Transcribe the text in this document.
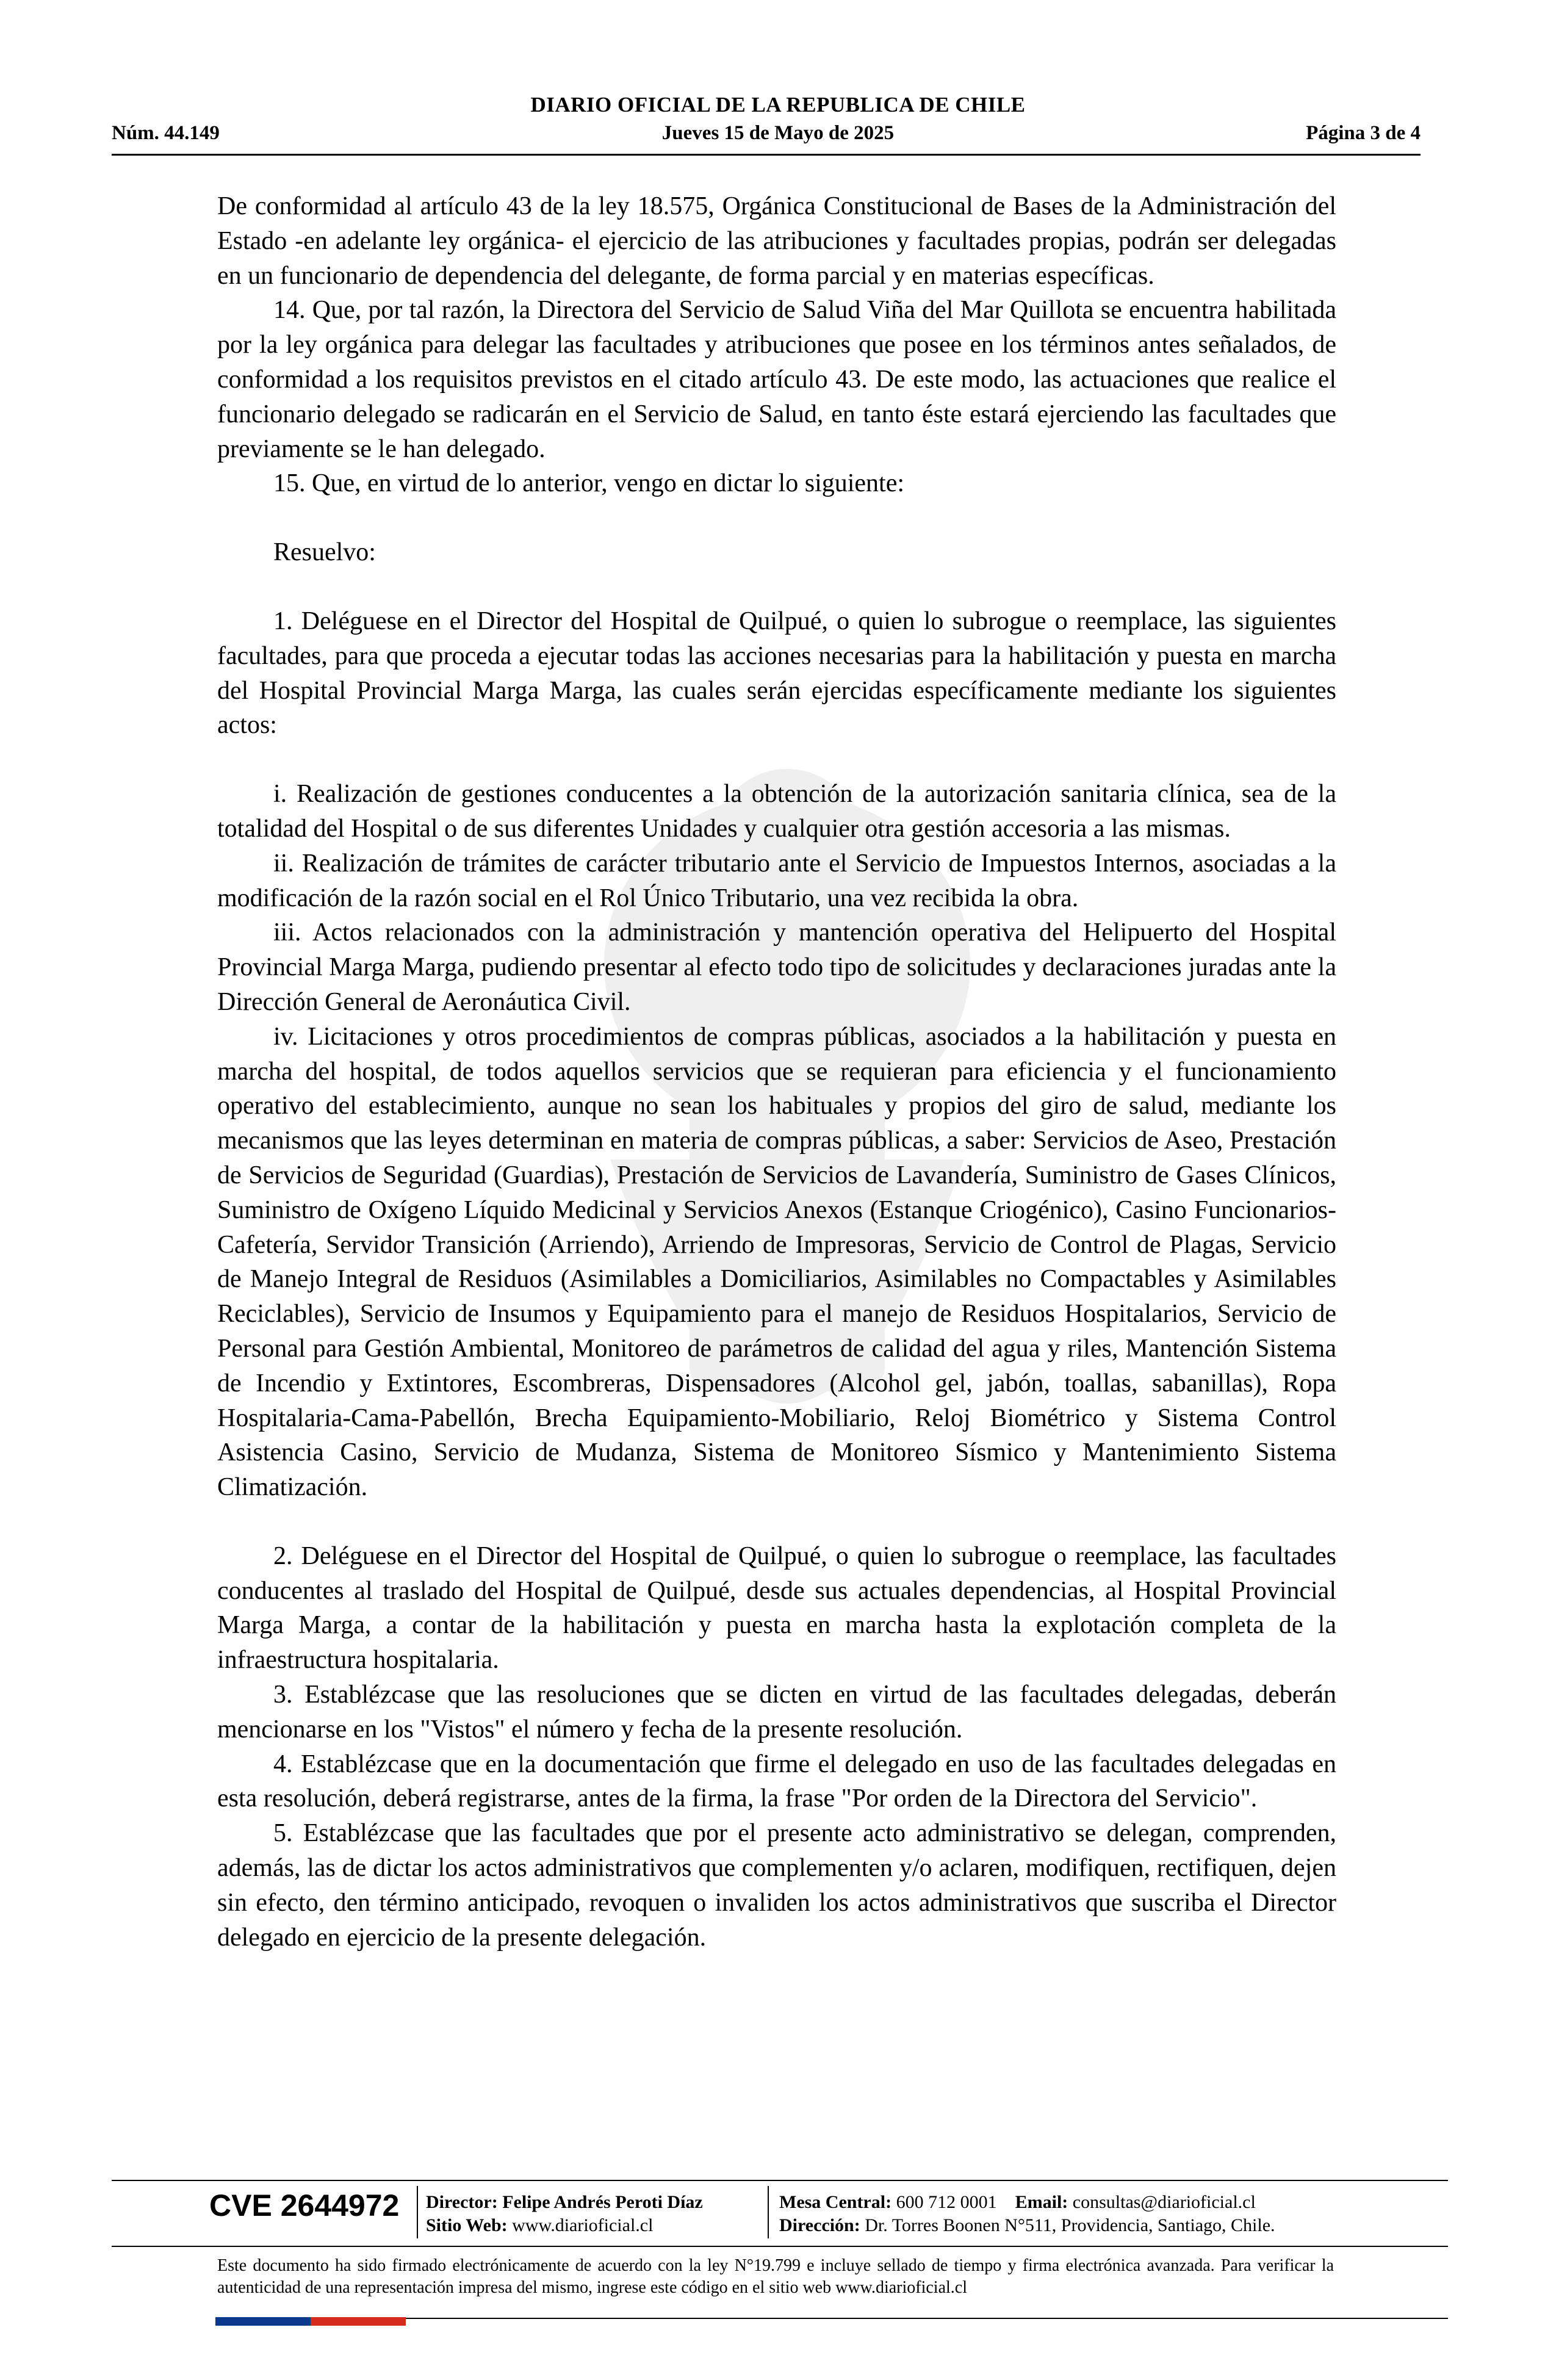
DIARIO OFICIAL DE LA REPUBLICA DE CHILE
Núm. 44.149	Jueves 15 de Mayo de 2025	Página 3 de 4

De conformidad al artículo 43 de la ley 18.575, Orgánica Constitucional de Bases de la Administración del Estado -en adelante ley orgánica- el ejercicio de las atribuciones y facultades propias, podrán ser delegadas en un funcionario de dependencia del delegante, de forma parcial y en materias específicas.

14. Que, por tal razón, la Directora del Servicio de Salud Viña del Mar Quillota se encuentra habilitada por la ley orgánica para delegar las facultades y atribuciones que posee en los términos antes señalados, de conformidad a los requisitos previstos en el citado artículo 43. De este modo, las actuaciones que realice el funcionario delegado se radicarán en el Servicio de Salud, en tanto éste estará ejerciendo las facultades que previamente se le han delegado.

15. Que, en virtud de lo anterior, vengo en dictar lo siguiente:

Resuelvo:

1. Deléguese en el Director del Hospital de Quilpué, o quien lo subrogue o reemplace, las siguientes facultades, para que proceda a ejecutar todas las acciones necesarias para la habilitación y puesta en marcha del Hospital Provincial Marga Marga, las cuales serán ejercidas específicamente mediante los siguientes actos:

i. Realización de gestiones conducentes a la obtención de la autorización sanitaria clínica, sea de la totalidad del Hospital o de sus diferentes Unidades y cualquier otra gestión accesoria a las mismas.

ii. Realización de trámites de carácter tributario ante el Servicio de Impuestos Internos, asociadas a la modificación de la razón social en el Rol Único Tributario, una vez recibida la obra.

iii. Actos relacionados con la administración y mantención operativa del Helipuerto del Hospital Provincial Marga Marga, pudiendo presentar al efecto todo tipo de solicitudes y declaraciones juradas ante la Dirección General de Aeronáutica Civil.

iv. Licitaciones y otros procedimientos de compras públicas, asociados a la habilitación y puesta en marcha del hospital, de todos aquellos servicios que se requieran para eficiencia y el funcionamiento operativo del establecimiento, aunque no sean los habituales y propios del giro de salud, mediante los mecanismos que las leyes determinan en materia de compras públicas, a saber: Servicios de Aseo, Prestación de Servicios de Seguridad (Guardias), Prestación de Servicios de Lavandería, Suministro de Gases Clínicos, Suministro de Oxígeno Líquido Medicinal y Servicios Anexos (Estanque Criogénico), Casino Funcionarios-Cafetería, Servidor Transición (Arriendo), Arriendo de Impresoras, Servicio de Control de Plagas, Servicio de Manejo Integral de Residuos (Asimilables a Domiciliarios, Asimilables no Compactables y Asimilables Reciclables), Servicio de Insumos y Equipamiento para el manejo de Residuos Hospitalarios, Servicio de Personal para Gestión Ambiental, Monitoreo de parámetros de calidad del agua y riles, Mantención Sistema de Incendio y Extintores, Escombreras, Dispensadores (Alcohol gel, jabón, toallas, sabanillas), Ropa Hospitalaria-Cama-Pabellón, Brecha Equipamiento-Mobiliario, Reloj Biométrico y Sistema Control Asistencia Casino, Servicio de Mudanza, Sistema de Monitoreo Sísmico y Mantenimiento Sistema Climatización.

2. Deléguese en el Director del Hospital de Quilpué, o quien lo subrogue o reemplace, las facultades conducentes al traslado del Hospital de Quilpué, desde sus actuales dependencias, al Hospital Provincial Marga Marga, a contar de la habilitación y puesta en marcha hasta la explotación completa de la infraestructura hospitalaria.

3. Establézcase que las resoluciones que se dicten en virtud de las facultades delegadas, deberán mencionarse en los "Vistos" el número y fecha de la presente resolución.

4. Establézcase que en la documentación que firme el delegado en uso de las facultades delegadas en esta resolución, deberá registrarse, antes de la firma, la frase "Por orden de la Directora del Servicio".

5. Establézcase que las facultades que por el presente acto administrativo se delegan, comprenden, además, las de dictar los actos administrativos que complementen y/o aclaren, modifiquen, rectifiquen, dejen sin efecto, den término anticipado, revoquen o invaliden los actos administrativos que suscriba el Director delegado en ejercicio de la presente delegación.

CVE 2644972 Director: Felipe Andrés Peroti Díaz
Sitio Web: www.diarioficial.cl
Mesa Central: 600 712 0001 Email: consultas@diarioficial.cl
Dirección: Dr. Torres Boonen N°511, Providencia, Santiago, Chile.
Este documento ha sido firmado electrónicamente de acuerdo con la ley N°19.799 e incluye sellado de tiempo y firma electrónica avanzada. Para verificar la autenticidad de una representación impresa del mismo, ingrese este código en el sitio web www.diarioficial.cl
